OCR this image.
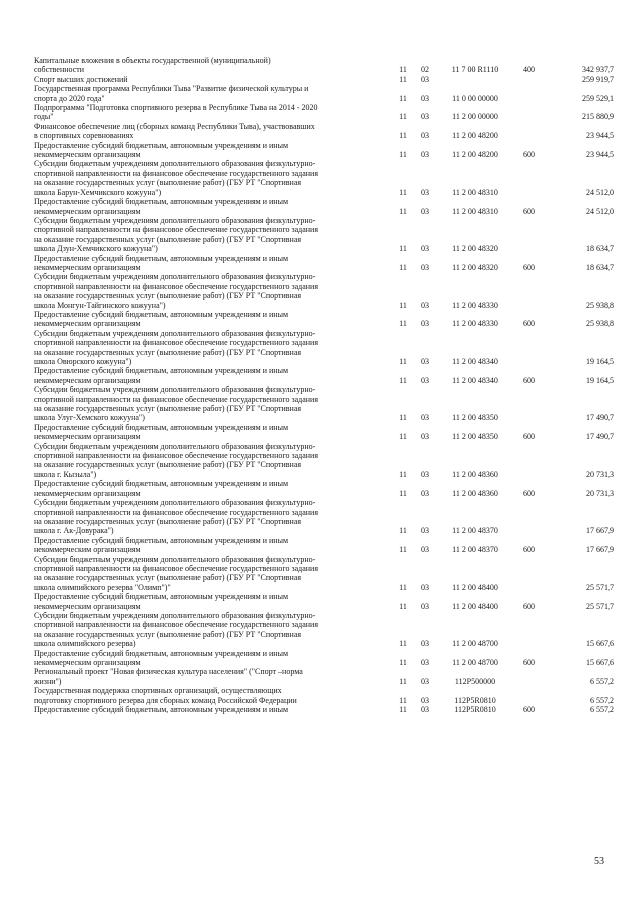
Капитальные вложения в объекты государственной (муниципальной)
собственности	11	02	11 7 00 R1110	400	342 937,7
Спорт высших достижений	11	03	259 919,7
Государственная программа Республики Тыва "Развитие физической культуры и
спорта до 2020 года"	11	03	11 0 00 00000	259 529,1
Подпрограмма "Подготовка спортивного резерва в Республике Тыва на 2014 - 2020
годы"	11	03	11 2 00 00000	215 880,9
Финансовое обеспечение лиц (сборных команд Республики Тыва), участвовавших
в спортивных соревнованиях	11	03	11 2 00 48200	23 944,5
Предоставление субсидий бюджетным, автономным учреждениям и иным
некоммерческим организациям	11	03	11 2 00 48200	600	23 944,5
Субсидии бюджетным учреждениям дополнительного образования физкультурно-
спортивной направленности на финансовое обеспечение государственного задания
на оказание государственных услуг (выполнение работ) (ГБУ РТ "Спортивная
школа Барун-Хемчикского кожууна")	11	03	11 2 00 48310	24 512,0
Предоставление субсидий бюджетным, автономным учреждениям и иным
некоммерческим организациям	11	03	11 2 00 48310	600	24 512,0
Субсидии бюджетным учреждениям дополнительного образования физкультурно-
спортивной направленности на финансовое обеспечение государственного задания
на оказание государственных услуг (выполнение работ) (ГБУ РТ "Спортивная
школа Дзун-Хемчикского кожууна")	11	03	11 2 00 48320	18 634,7
Предоставление субсидий бюджетным, автономным учреждениям и иным
некоммерческим организациям	11	03	11 2 00 48320	600	18 634,7
Субсидии бюджетным учреждениям дополнительного образования физкультурно-
спортивной направленности на финансовое обеспечение государственного задания
на оказание государственных услуг (выполнение работ) (ГБУ РТ "Спортивная
школа Монгун-Тайгинского кожууна")	11	03	11 2 00 48330	25 938,8
Предоставление субсидий бюджетным, автономным учреждениям и иным
некоммерческим организациям	11	03	11 2 00 48330	600	25 938,8
Субсидии бюджетным учреждениям дополнительного образования физкультурно-
спортивной направленности на финансовое обеспечение государственного задания
на оказание государственных услуг (выполнение работ) (ГБУ РТ "Спортивная
школа Овюрского кожууна")	11	03	11 2 00 48340	19 164,5
Предоставление субсидий бюджетным, автономным учреждениям и иным
некоммерческим организациям	11	03	11 2 00 48340	600	19 164,5
Субсидии бюджетным учреждениям дополнительного образования физкультурно-
спортивной направленности на финансовое обеспечение государственного задания
на оказание государственных услуг (выполнение работ) (ГБУ РТ "Спортивная
школа Улуг-Хемского кожууна")	11	03	11 2 00 48350	17 490,7
Предоставление субсидий бюджетным, автономным учреждениям и иным
некоммерческим организациям	11	03	11 2 00 48350	600	17 490,7
Субсидии бюджетным учреждениям дополнительного образования физкультурно-
спортивной направленности на финансовое обеспечение государственного задания
на оказание государственных услуг (выполнение работ) (ГБУ РТ "Спортивная
школа г. Кызыла")	11	03	11 2 00 48360	20 731,3
Предоставление субсидий бюджетным, автономным учреждениям и иным
некоммерческим организациям	11	03	11 2 00 48360	600	20 731,3
Субсидии бюджетным учреждениям дополнительного образования физкультурно-
спортивной направленности на финансовое обеспечение государственного задания
на оказание государственных услуг (выполнение работ) (ГБУ РТ "Спортивная
школа г. Ак-Довурака")	11	03	11 2 00 48370	17 667,9
Предоставление субсидий бюджетным, автономным учреждениям и иным
некоммерческим организациям	11	03	11 2 00 48370	600	17 667,9
Субсидии бюджетным учреждениям дополнительного образования физкультурно-
спортивной направленности на финансовое обеспечение государственного задания
на оказание государственных услуг (выполнение работ) (ГБУ РТ "Спортивная
школа олимпийского резерва "Олимп")"	11	03	11 2 00 48400	25 571,7
Предоставление субсидий бюджетным, автономным учреждениям и иным
некоммерческим организациям	11	03	11 2 00 48400	600	25 571,7
Субсидии бюджетным учреждениям дополнительного образования физкультурно-
спортивной направленности на финансовое обеспечение государственного задания
на оказание государственных услуг (выполнение работ) (ГБУ РТ "Спортивная
школа олимпийского резерва)	11	03	11 2 00 48700	15 667,6
Предоставление субсидий бюджетным, автономным учреждениям и иным
некоммерческим организациям	11	03	11 2 00 48700	600	15 667,6
Региональный проект "Новая физическая культура населения" ("Спорт –норма
жизни")	11	03	112P500000	6 557,2
Государственная поддержка спортивных организаций, осуществляющих
подготовку спортивного резерва для сборных команд Российской Федерации	11	03	112P5R0810	6 557,2
Предоставление субсидий бюджетным, автономным учреждениям и иным	11	03	112P5R0810	600	6 557,2
53
